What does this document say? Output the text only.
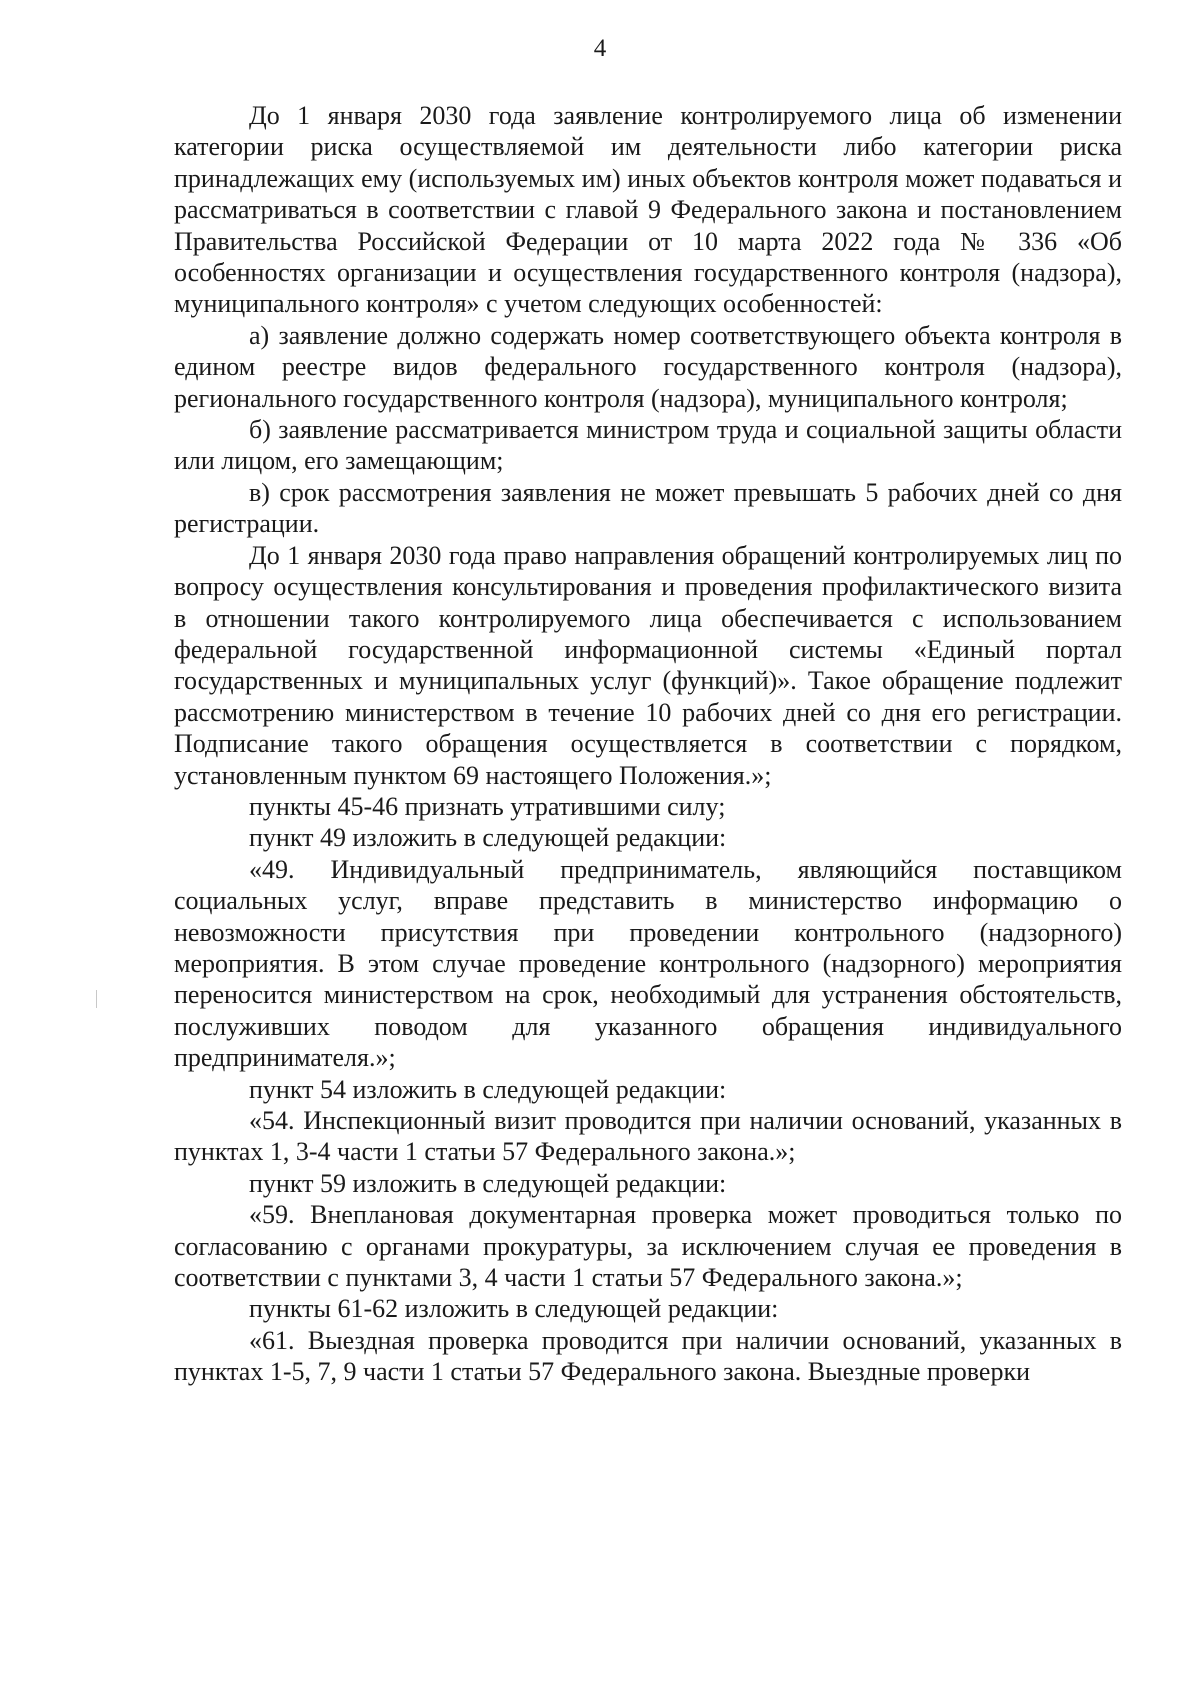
4

До 1 января 2030 года заявление контролируемого лица об изменении категории риска осуществляемой им деятельности либо категории риска принадлежащих ему (используемых им) иных объектов контроля может подаваться и рассматриваться в соответствии с главой 9 Федерального закона и постановлением Правительства Российской Федерации от 10 марта 2022 года № 336 «Об особенностях организации и осуществления государственного контроля (надзора), муниципального контроля» с учетом следующих особенностей:

а) заявление должно содержать номер соответствующего объекта контроля в едином реестре видов федерального государственного контроля (надзора), регионального государственного контроля (надзора), муниципального контроля;

б) заявление рассматривается министром труда и социальной защиты области или лицом, его замещающим;

в) срок рассмотрения заявления не может превышать 5 рабочих дней со дня регистрации.

До 1 января 2030 года право направления обращений контролируемых лиц по вопросу осуществления консультирования и проведения профилактического визита в отношении такого контролируемого лица обеспечивается с использованием федеральной государственной информационной системы «Единый портал государственных и муниципальных услуг (функций)». Такое обращение подлежит рассмотрению министерством в течение 10 рабочих дней со дня его регистрации. Подписание такого обращения осуществляется в соответствии с порядком, установленным пунктом 69 настоящего Положения.»;

пункты 45-46 признать утратившими силу;

пункт 49 изложить в следующей редакции:

«49. Индивидуальный предприниматель, являющийся поставщиком социальных услуг, вправе представить в министерство информацию о невозможности присутствия при проведении контрольного (надзорного) мероприятия. В этом случае проведение контрольного (надзорного) мероприятия переносится министерством на срок, необходимый для устранения обстоятельств, послуживших поводом для указанного обращения индивидуального предпринимателя.»;

пункт 54 изложить в следующей редакции:

«54. Инспекционный визит проводится при наличии оснований, указанных в пунктах 1, 3-4 части 1 статьи 57 Федерального закона.»;

пункт 59 изложить в следующей редакции:

«59. Внеплановая документарная проверка может проводиться только по согласованию с органами прокуратуры, за исключением случая ее проведения в соответствии с пунктами 3, 4 части 1 статьи 57 Федерального закона.»;

пункты 61-62 изложить в следующей редакции:

«61. Выездная проверка проводится при наличии оснований, указанных в пунктах 1-5, 7, 9 части 1 статьи 57 Федерального закона. Выездные проверки
